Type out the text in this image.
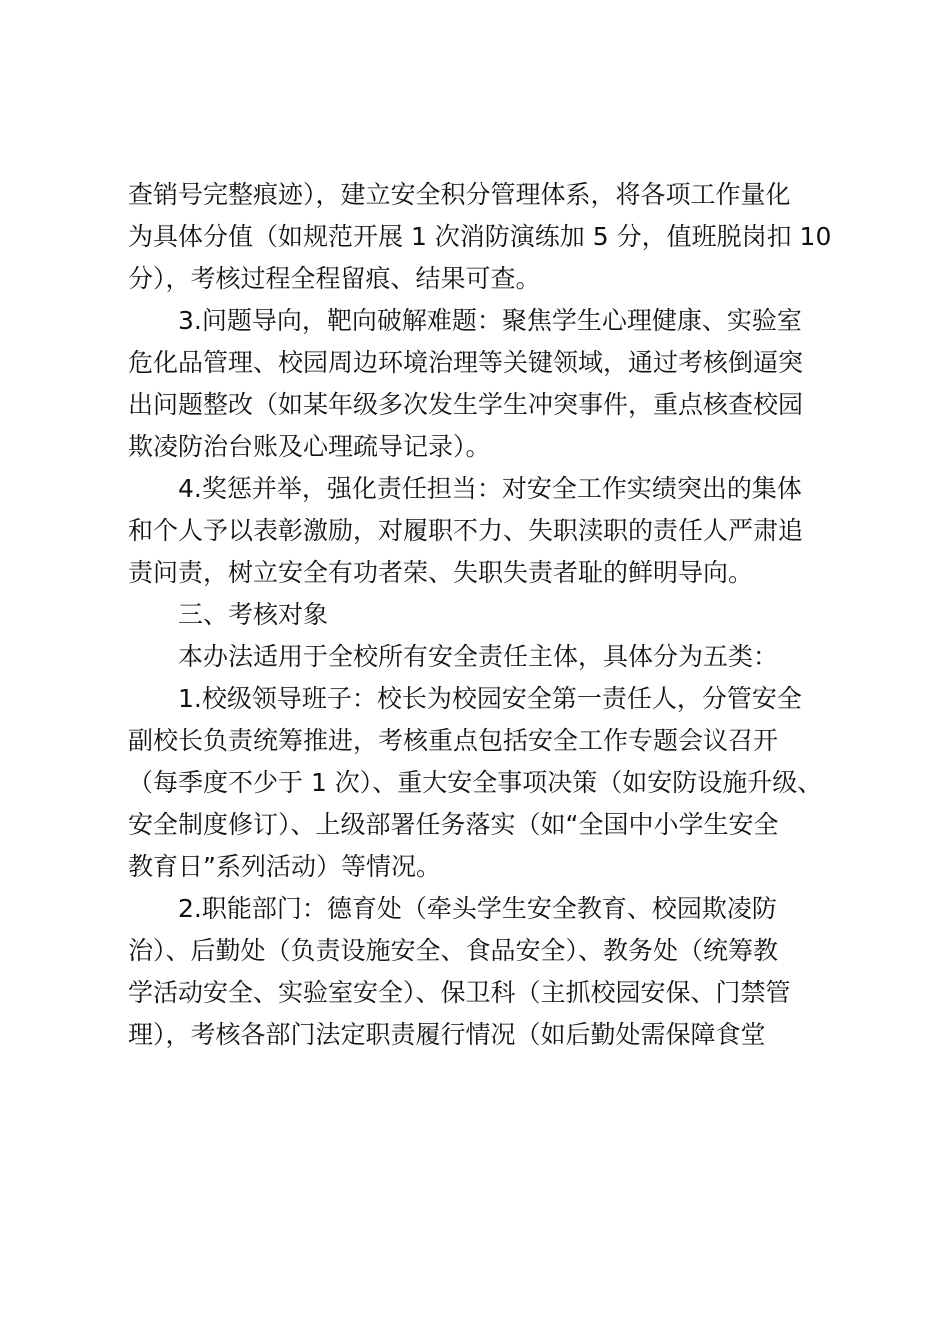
查销号完整痕迹），建立安全积分管理体系，将各项工作量化
为具体分值（如规范开展 1 次消防演练加 5 分，值班脱岗扣 10
分），考核过程全程留痕、结果可查。

3.问题导向，靶向破解难题：聚焦学生心理健康、实验室
危化品管理、校园周边环境治理等关键领域，通过考核倒逼突
出问题整改（如某年级多次发生学生冲突事件，重点核查校园
欺凌防治台账及心理疏导记录）。

4.奖惩并举，强化责任担当：对安全工作实绩突出的集体
和个人予以表彰激励，对履职不力、失职渎职的责任人严肃追
责问责，树立安全有功者荣、失职失责者耻的鲜明导向。

三、考核对象

本办法适用于全校所有安全责任主体，具体分为五类：

1.校级领导班子：校长为校园安全第一责任人，分管安全
副校长负责统筹推进，考核重点包括安全工作专题会议召开
（每季度不少于 1 次）、重大安全事项决策（如安防设施升级、
安全制度修订）、上级部署任务落实（如“全国中小学生安全
教育日”系列活动）等情况。

2.职能部门：德育处（牵头学生安全教育、校园欺凌防
治）、后勤处（负责设施安全、食品安全）、教务处（统筹教
学活动安全、实验室安全）、保卫科（主抓校园安保、门禁管
理），考核各部门法定职责履行情况（如后勤处需保障食堂
